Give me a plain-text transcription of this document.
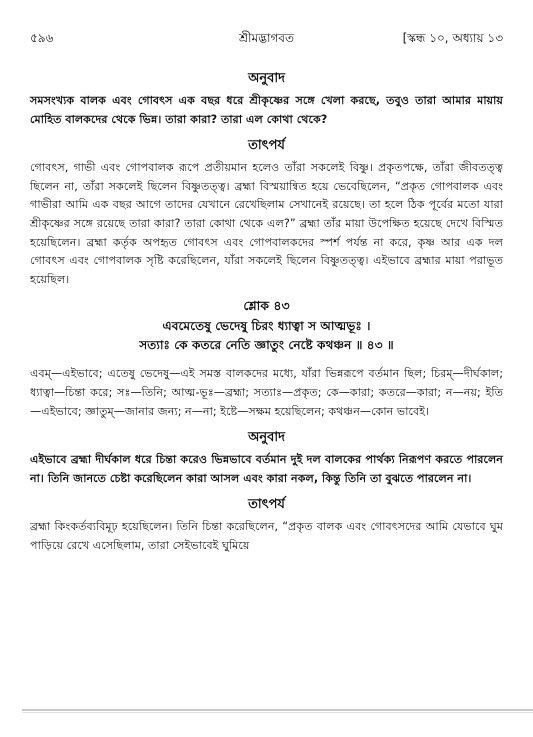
৫৯৬	শ্রীমদ্ভাগবত	[স্কন্ধ ১০, অধ্যায় ১৩
অনুবাদ

সমসংখ্যক বালক এবং গোবৎস এক বছর ধরে শ্রীকৃষ্ণের সঙ্গে খেলা করছে, তবুও তারা আমার মায়ায় মোহিত বালকদের থেকে ভিন্ন। তারা কারা? তারা এল কোথা থেকে?

তাৎপর্য

গোবৎস, গাভী এবং গোপবালক রূপে প্রতীয়মান হলেও তাঁরা সকলেই বিষ্ণু। প্রকৃতপক্ষে, তাঁরা জীবতত্ত্ব ছিলেন না, তাঁরা সকলেই ছিলেন বিষ্ণুতত্ত্ব। ব্রহ্মা বিস্ময়ান্বিত হয়ে ভেবেছিলেন, “প্রকৃত গোপবালক এবং গাভীরা আমি এক বছর আগে তাদের যেখানে রেখেছিলাম সেখানেই রয়েছে। তা হলে ঠিক পূর্বের মতো যারা শ্রীকৃষ্ণের সঙ্গে রয়েছে তারা কারা? তারা কোথা থেকে এল?” ব্রহ্মা তাঁর মায়া উপেক্ষিত হয়েছে দেখে বিস্মিত হয়েছিলেন। ব্রহ্মা কর্তৃক অপহৃত গোবৎস এবং গোপবালকদের স্পর্শ পর্যন্ত না করে, কৃষ্ণ আর এক দল গোবৎস এবং গোপবালক সৃষ্টি করেছিলেন, যাঁরা সকলেই ছিলেন বিষ্ণুতত্ত্ব। এইভাবে ব্রহ্মার মায়া পরাভূত হয়েছিল।

শ্লোক ৪৩

এবমেতেষু ভেদেষু চিরং ধ্যাত্বা স আত্মভূঃ ।

সত্যাঃ কে কতরে নেতি জ্ঞাতুং নেষ্টে কথঞ্চন ॥ ৪৩ ॥

এবম্—এইভাবে; এতেষু ভেদেষু—এই সমস্ত বালকদের মধ্যে, যাঁরা ভিন্নরূপে বর্তমান ছিল; চিরম্—দীর্ঘকাল; ধ্যাত্বা—চিন্তা করে; সঃ—তিনি; আত্ম-ভূঃ—ব্রহ্মা; সত্যাঃ—প্রকৃত; কে—কারা; কতরে—কারা; ন—নয়; ইতি—এইভাবে; জ্ঞাতুম্—জানার জন্য; ন—না; ইষ্টে—সক্ষম হয়েছিলেন; কথঞ্চন—কোন ভাবেই।

অনুবাদ

এইভাবে ব্রহ্মা দীর্ঘকাল ধরে চিন্তা করেও ভিন্নভাবে বর্তমান দুই দল বালকের পার্থক্য নিরূপণ করতে পারলেন না। তিনি জানতে চেষ্টা করেছিলেন কারা আসল এবং কারা নকল, কিন্তু তিনি তা বুঝতে পারলেন না।

তাৎপর্য

ব্রহ্মা কিংকর্তব্যবিমূঢ় হয়েছিলেন। তিনি চিন্তা করেছিলেন, “প্রকৃত বালক এবং গোবৎসদের আমি যেভাবে ঘুম পাড়িয়ে রেখে এসেছিলাম, তারা সেইভাবেই ঘুমিয়ে
